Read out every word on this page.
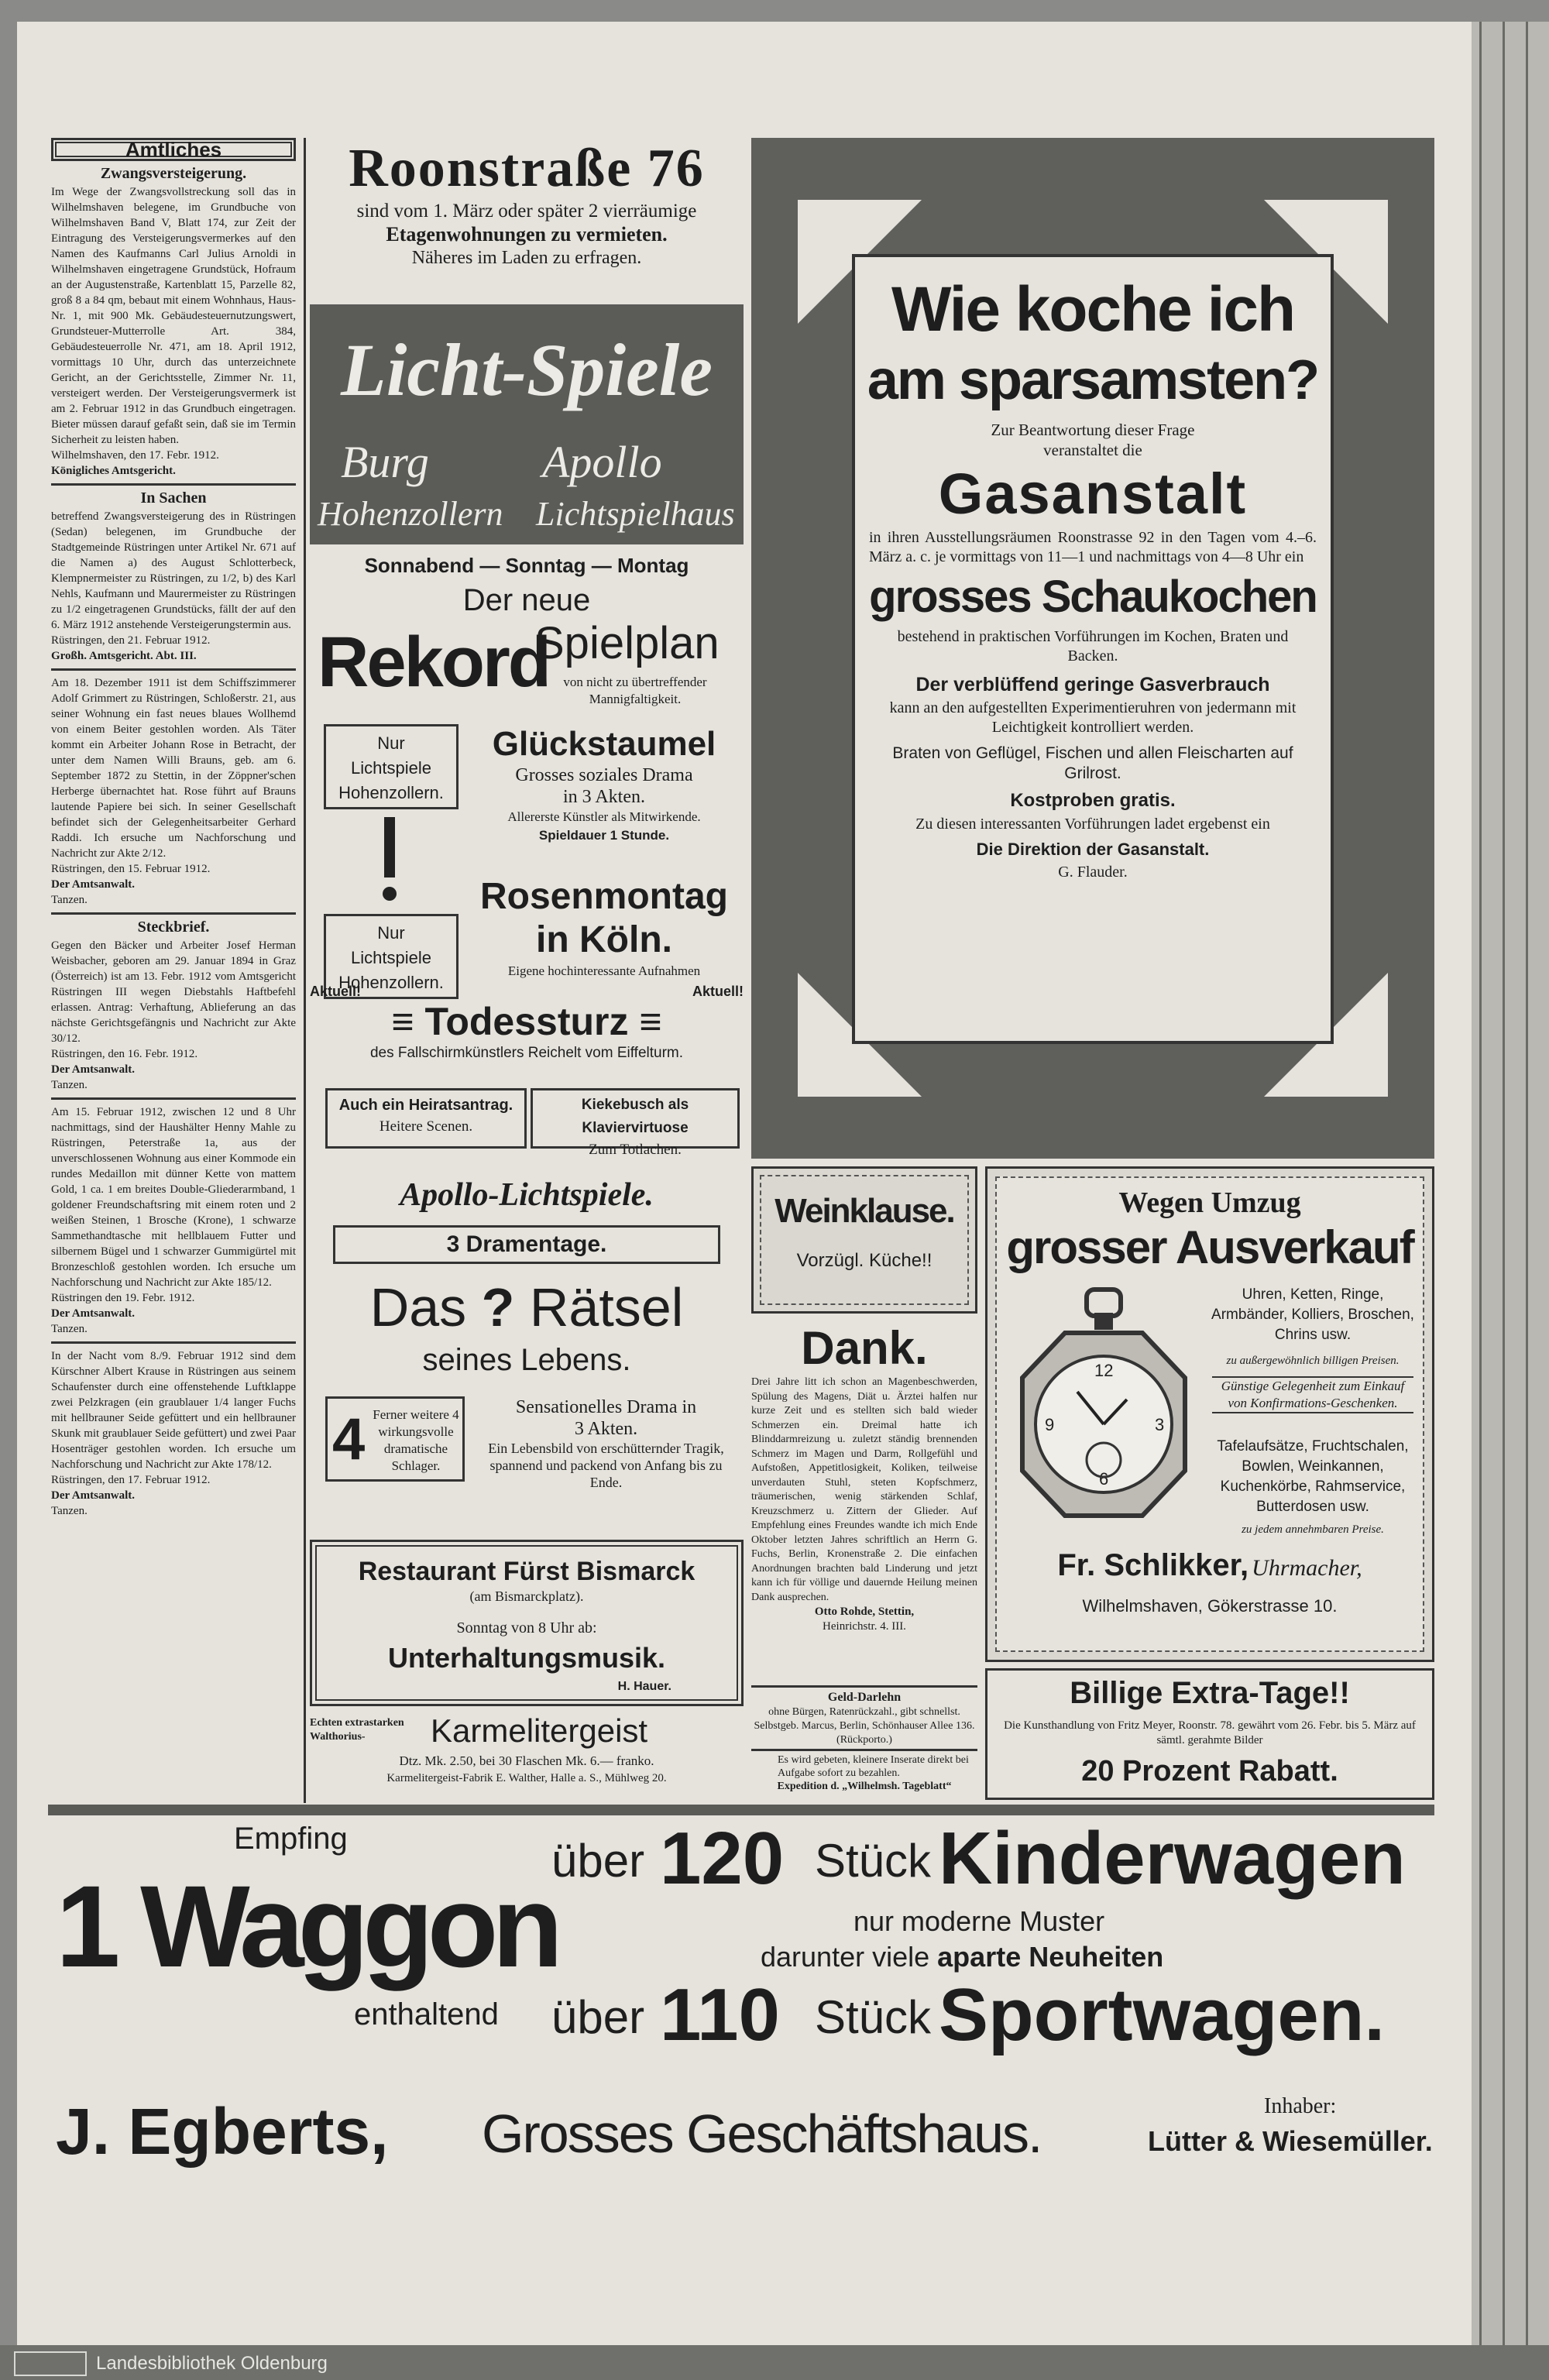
Amtliches
Zwangsversteigerung.

Im Wege der Zwangsvollstreckung soll das in Wilhelmshaven belegene, im Grundbuche von Wilhelmshaven Band V, Blatt 174, zur Zeit der Eintragung des Versteigerungsvermerkes auf den Namen des Kaufmanns Carl Julius Arnoldi in Wilhelmshaven eingetragene Grundstück, Hofraum an der Augustenstraße, Kartenblatt 15, Parzelle 82, groß 8 a 84 qm, bebaut mit einem Wohnhaus, Haus-Nr. 1, mit 900 Mk. Gebäudesteuernutzungswert, Grundsteuer-Mutterrolle Art. 384, Gebäudesteuerrolle Nr. 471, am 18. April 1912, vormittags 10 Uhr, durch das unterzeichnete Gericht, an der Gerichtsstelle, Zimmer Nr. 11, versteigert werden. Der Versteigerungsvermerk ist am 2. Februar 1912 in das Grundbuch eingetragen. Bieter müssen darauf gefaßt sein, daß sie im Termin Sicherheit zu leisten haben.

Wilhelmshaven, den 17. Febr. 1912.

Königliches Amtsgericht.

In Sachen

betreffend Zwangsversteigerung des in Rüstringen (Sedan) belegenen, im Grundbuche der Stadtgemeinde Rüstringen unter Artikel Nr. 671 auf die Namen a) des August Schlotterbeck, Klempnermeister zu Rüstringen, zu 1/2, b) des Karl Nehls, Kaufmann und Maurermeister zu Rüstringen zu 1/2 eingetragenen Grundstücks, fällt der auf den 6. März 1912 anstehende Versteigerungstermin aus.

Rüstringen, den 21. Februar 1912.

Großh. Amtsgericht. Abt. III.

Am 18. Dezember 1911 ist dem Schiffszimmerer Adolf Grimmert zu Rüstringen, Schloßerstr. 21, aus seiner Wohnung ein fast neues blaues Wollhemd von einem Beiter gestohlen worden. Als Täter kommt ein Arbeiter Johann Rose in Betracht, der unter dem Namen Willi Brauns, geb. am 6. September 1872 zu Stettin, in der Zöppner'schen Herberge übernachtet hat. Rose führt auf Brauns lautende Papiere bei sich. In seiner Gesellschaft befindet sich der Gelegenheitsarbeiter Gerhard Raddi. Ich ersuche um Nachforschung und Nachricht zur Akte 2/12.

Rüstringen, den 15. Februar 1912.

Der Amtsanwalt.

Tanzen.

Steckbrief.

Gegen den Bäcker und Arbeiter Josef Herman Weisbacher, geboren am 29. Januar 1894 in Graz (Österreich) ist am 13. Febr. 1912 vom Amtsgericht Rüstringen III wegen Diebstahls Haftbefehl erlassen. Antrag: Verhaftung, Ablieferung an das nächste Gerichtsgefängnis und Nachricht zur Akte 30/12.

Rüstringen, den 16. Febr. 1912.

Der Amtsanwalt.

Tanzen.

Am 15. Februar 1912, zwischen 12 und 8 Uhr nachmittags, sind der Haushälter Henny Mahle zu Rüstringen, Peterstraße 1a, aus der unverschlossenen Wohnung aus einer Kommode ein rundes Medaillon mit dünner Kette von mattem Gold, 1 ca. 1 em breites Double-Gliederarmband, 1 goldener Freundschaftsring mit einem roten und 2 weißen Steinen, 1 Brosche (Krone), 1 schwarze Sammethandtasche mit hellblauem Futter und silbernem Bügel und 1 schwarzer Gummigürtel mit Bronzeschloß gestohlen worden. Ich ersuche um Nachforschung und Nachricht zur Akte 185/12.

Rüstringen den 19. Febr. 1912.

Der Amtsanwalt.

Tanzen.

In der Nacht vom 8./9. Februar 1912 sind dem Kürschner Albert Krause in Rüstringen aus seinem Schaufenster durch eine offenstehende Luftklappe zwei Pelzkragen (ein graublauer 1/4 langer Fuchs mit hellbrauner Seide gefüttert und ein hellbrauner Skunk mit graublauer Seide gefüttert) und zwei Paar Hosenträger gestohlen worden. Ich ersuche um Nachforschung und Nachricht zur Akte 178/12.

Rüstringen, den 17. Februar 1912.

Der Amtsanwalt.

Tanzen.

Roonstraße 76
sind vom 1. März oder später 2 vierräumige
Etagenwohnungen zu vermieten.
Näheres im Laden zu erfragen.
Licht-Spiele
Burg	Apollo
Hohenzollern Lichtspielhaus
Sonnabend — Sonntag — Montag
Der neue
Rekord
Spielplan
von nicht zu übertreffender Mannigfaltigkeit.
Nur
Lichtspiele
Hohenzollern.
Nur
Lichtspiele
Hohenzollern.
Glückstaumel
Grosses soziales Drama
in 3 Akten.
Allererste Künstler als Mitwirkende.
Spieldauer 1 Stunde.
Rosenmontag
in Köln.
Eigene hochinteressante Aufnahmen
Aktuell!	Aktuell!
≡ Todessturz ≡
des Fallschirmkünstlers Reichelt vom Eiffelturm.
Auch ein Heiratsantrag.
Heitere Scenen.
Kiekebusch als Klaviervirtuose
Zum Totlachen.
Apollo-Lichtspiele.
3 Dramentage.
Das ? Rätsel
seines Lebens.
4 Ferner weitere 4 wirkungsvolle dramatische Schlager.
Sensationelles Drama in
3 Akten.
Ein Lebensbild von erschütternder Tragik, spannend und packend von Anfang bis zu Ende.
Restaurant Fürst Bismarck
(am Bismarckplatz).
Sonntag von 8 Uhr ab:
Unterhaltungsmusik.
H. Hauer.
Echten extrastarken Walthorius-	Karmelitergeist
Dtz. Mk. 2.50, bei 30 Flaschen Mk. 6.— franko.
Karmelitergeist-Fabrik E. Walther, Halle a. S., Mühlweg 20.
Wie koche ich
am sparsamsten?
Zur Beantwortung dieser Frage
veranstaltet die
Gasanstalt
in ihren Ausstellungsräumen Roonstrasse 92 in den Tagen vom 4.–6. März a. c. je vormittags von 11—1 und nachmittags von 4—8 Uhr ein
grosses Schaukochen
bestehend in praktischen Vorführungen im Kochen, Braten und Backen.
Der verblüffend geringe Gasverbrauch
kann an den aufgestellten Experimentieruhren von jedermann mit Leichtigkeit kontrolliert werden.
Braten von Geflügel, Fischen und allen Fleischarten auf Grilrost.
Kostproben gratis.
Zu diesen interessanten Vorführungen ladet ergebenst ein
Die Direktion der Gasanstalt.
G. Flauder.
Weinklause.
Vorzügl. Küche!!
Dank.
Drei Jahre litt ich schon an Magenbeschwerden, Spülung des Magens, Diät u. Ärztei halfen nur kurze Zeit und es stellten sich bald wieder Schmerzen ein. Dreimal hatte ich Blinddarmreizung u. zuletzt ständig brennenden Schmerz im Magen und Darm, Rollgefühl und Aufstoßen, Appetitlosigkeit, Koliken, teilweise unverdauten Stuhl, steten Kopfschmerz, träumerischen, wenig stärkenden Schlaf, Kreuzschmerz u. Zittern der Glieder. Auf Empfehlung eines Freundes wandte ich mich Ende Oktober letzten Jahres schriftlich an Herrn G. Fuchs, Berlin, Kronenstraße 2. Die einfachen Anordnungen brachten bald Linderung und jetzt kann ich für völlige und dauernde Heilung meinen Dank ausprechen.
Otto Rohde, Stettin,
Heinrichstr. 4. III.
Geld-Darlehn
ohne Bürgen, Ratenrückzahl., gibt schnellst. Selbstgeb. Marcus, Berlin, Schönhauser Allee 136. (Rückporto.)
Es wird gebeten, kleinere Inserate direkt bei Aufgabe sofort zu bezahlen.
Expedition d. „Wilhelmsh. Tageblatt“
Wegen Umzug
grosser Ausverkauf
12
3
9
6
Uhren, Ketten, Ringe, Armbänder, Kolliers, Broschen, Chrins usw.
zu außergewöhnlich billigen Preisen.
Günstige Gelegenheit zum Einkauf von Konfirmations-Geschenken.
Tafelaufsätze, Fruchtschalen, Bowlen, Weinkannen, Kuchenkörbe, Rahmservice, Butterdosen usw.
zu jedem annehmbaren Preise.
Fr. Schlikker, Uhrmacher,
Wilhelmshaven, Gökerstrasse 10.
Billige Extra-Tage!!
Die Kunsthandlung von Fritz Meyer, Roonstr. 78. gewährt vom 26. Febr. bis 5. März auf sämtl. gerahmte Bilder
20 Prozent Rabatt.
Empfing
1 Waggon
enthaltend
über 120 Stück Kinderwagen
nur moderne Muster
darunter viele aparte Neuheiten
über 110 Stück Sportwagen.
J. Egberts, Grosses Geschäftshaus.	Inhaber:
Lütter & Wiesemüller.
Landesbibliothek Oldenburg
